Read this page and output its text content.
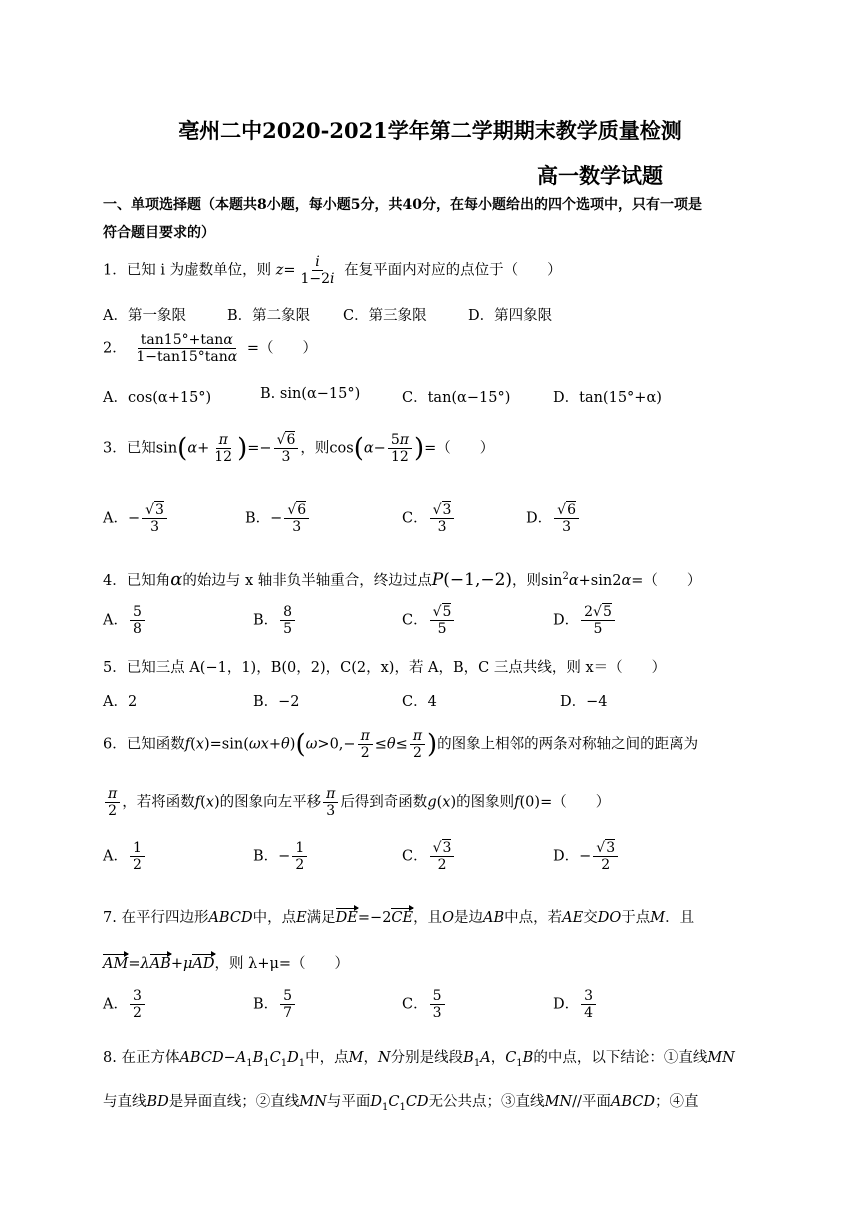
亳州二中2020-2021学年第二学期期末教学质量检测
高一数学试题
一、单项选择题（本题共8小题，每小题5分，共40分，在每小题给出的四个选项中，只有一项是
符合题目要求的）
1．已知 i 为虚数单位，则 $z= \frac{i}{1-2i}$ 在复平面内对应的点位于（　　）
A．第一象限	B．第二象限 C．第三象限	D．第四象限
2． $\frac{\tan 15^\circ+\tan\alpha}{1-\tan 15^\circ\tan\alpha}$ =（　　）
A．cos(α+15°)	B. sin(α−15°)	C．tan(α−15°)	D．tan(15°+α)
3．已知$\sin(\alpha+ \frac{\pi}{12}$ )=− $\frac{√6}{3}$ ，则$\cos(\alpha- \frac{5\pi}{12}$ )=（　　）
A．− $\frac{√3}{3}$	B．− $\frac{√6}{3}$	C． $\frac{√3}{3}$	D． $\frac{√6}{3}$
4．已知角α的始边与 x 轴非负半轴重合，终边过点P(−1,−2)，则$\sin^2\alpha+\sin 2\alpha=$（　　）
A． $\frac{5}{8}$	B． $\frac{8}{5}$	C． $\frac{√5}{5}$	D． $\frac{2√5}{5}$
5．已知三点 A(−1，1)，B(0，2)，C(2，x)，若 A，B，C 三点共线，则 x＝（　　）
A．2	B．−2	C．4	D．−4
6．已知函数$f(x)=\sin(\omega x+\theta)(\omega>0,- \frac{\pi}{2} \le\theta\le \frac{\pi}{2}$ )的图象上相邻的两条对称轴之间的距离为
$\frac{\pi}{2}$ ，若将函数f(x)的图象向左平移 $\frac{\pi}{3}$ 后得到奇函数g(x)的图象则f(0)=（　　）
A． $\frac{1}{2}$	B．− $\frac{1}{2}$	C． $\frac{√3}{2}$	D．− $\frac{√3}{2}$
7. 在平行四边形ABCD中，点E满足DE=−2CE，且O是边AB中点，若AE交DO于点M．且
AM=λAB+μAD，则 λ+μ=（　　）
A． $\frac{3}{2}$	B． $\frac{5}{7}$	C． $\frac{5}{3}$	D． $\frac{3}{4}$
8. 在正方体$ABCD-A_1B_1C_1D_1$中，点M，N分别是线段$B_1A$，$C_1B$的中点，以下结论：①直线MN
与直线BD是异面直线；②直线MN与平面$D_1C_1CD$无公共点；③直线MN//平面ABCD；④直
